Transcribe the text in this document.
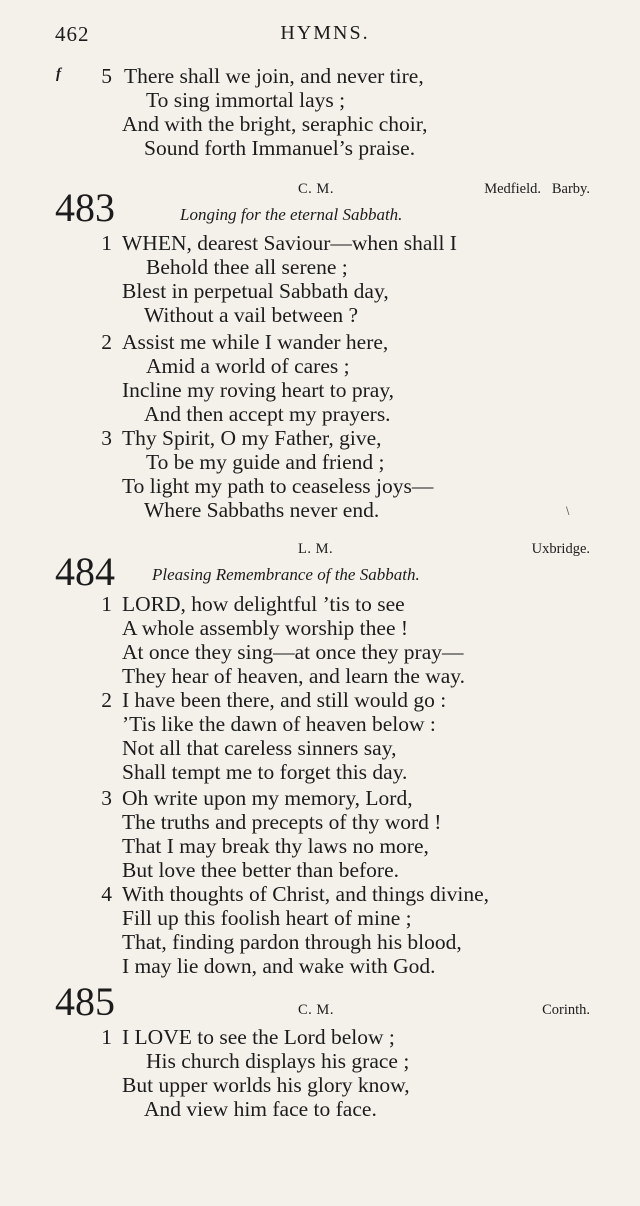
462	HYMNS.
f	5 There shall we join, and never tire,
To sing immortal lays ;
And with the bright, seraphic choir,
Sound forth Immanuel’s praise.
483	C. M.	Medfield.   Barby.
Longing for the eternal Sabbath.
1 WHEN, dearest Saviour—when shall I
Behold thee all serene ;
Blest in perpetual Sabbath day,
Without a vail between ?
2 Assist me while I wander here,
Amid a world of cares ;
Incline my roving heart to pray,
And then accept my prayers.
3 Thy Spirit, O my Father, give,
To be my guide and friend ;
To light my path to ceaseless joys—
Where Sabbaths never end.	\
484	L. M.	Uxbridge.
Pleasing Remembrance of the Sabbath.
1 LORD, how delightful ’tis to see
A whole assembly worship thee !
At once they sing—at once they pray—
They hear of heaven, and learn the way.
2 I have been there, and still would go :
’Tis like the dawn of heaven below :
Not all that careless sinners say,
Shall tempt me to forget this day.
3 Oh write upon my memory, Lord,
The truths and precepts of thy word !
That I may break thy laws no more,
But love thee better than before.
4 With thoughts of Christ, and things divine,
Fill up this foolish heart of mine ;
That, finding pardon through his blood,
I may lie down, and wake with God.
485	C. M.	Corinth.
1 I LOVE to see the Lord below ;
His church displays his grace ;
But upper worlds his glory know,
And view him face to face.
